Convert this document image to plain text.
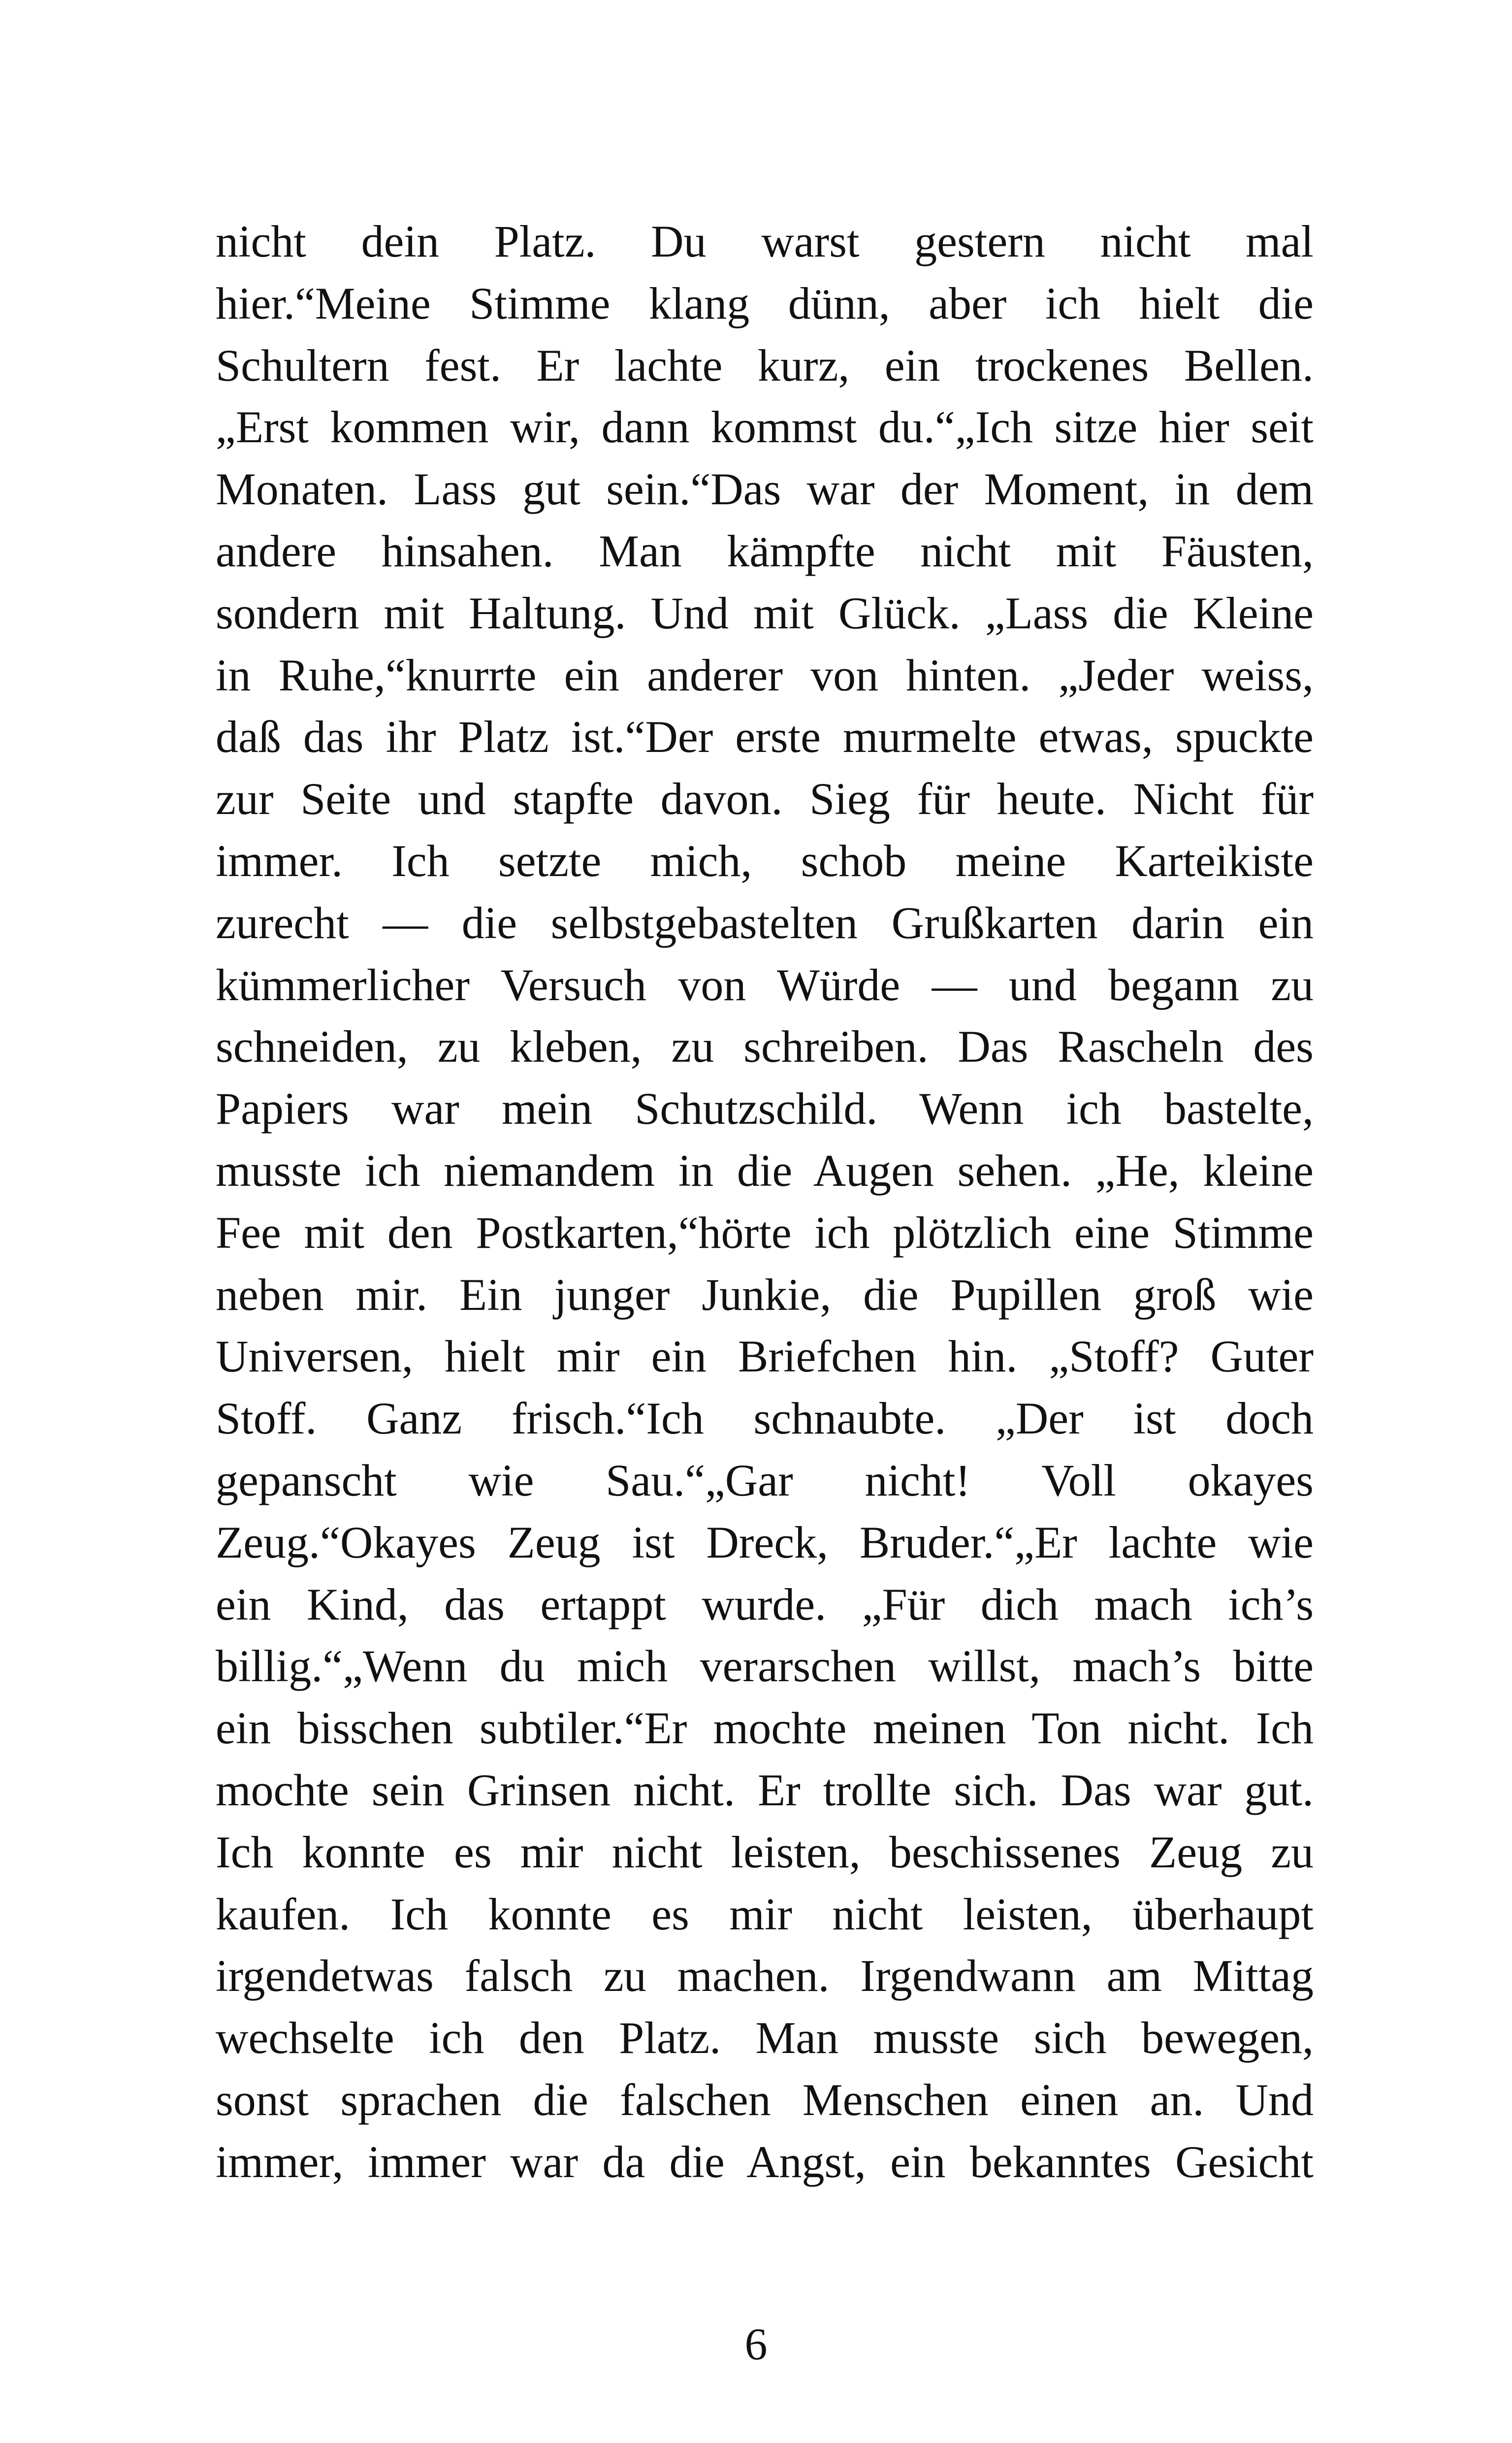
nicht dein Platz. Du warst gestern nicht mal
hier.“Meine Stimme klang dünn, aber ich hielt die
Schultern fest. Er lachte kurz, ein trockenes Bellen.
„Erst kommen wir, dann kommst du.“„Ich sitze hier seit
Monaten. Lass gut sein.“Das war der Moment, in dem
andere hinsahen. Man kämpfte nicht mit Fäusten,
sondern mit Haltung. Und mit Glück. „Lass die Kleine
in Ruhe,“knurrte ein anderer von hinten. „Jeder weiss,
daß das ihr Platz ist.“Der erste murmelte etwas, spuckte
zur Seite und stapfte davon. Sieg für heute. Nicht für
immer. Ich setzte mich, schob meine Karteikiste
zurecht — die selbstgebastelten Grußkarten darin ein
kümmerlicher Versuch von Würde — und begann zu
schneiden, zu kleben, zu schreiben. Das Rascheln des
Papiers war mein Schutzschild. Wenn ich bastelte,
musste ich niemandem in die Augen sehen. „He, kleine
Fee mit den Postkarten,“hörte ich plötzlich eine Stimme
neben mir. Ein junger Junkie, die Pupillen groß wie
Universen, hielt mir ein Briefchen hin. „Stoff? Guter
Stoff. Ganz frisch.“Ich schnaubte. „Der ist doch
gepanscht wie Sau.“„Gar nicht! Voll okayes
Zeug.“Okayes Zeug ist Dreck, Bruder.“„Er lachte wie
ein Kind, das ertappt wurde. „Für dich mach ich’s
billig.“„Wenn du mich verarschen willst, mach’s bitte
ein bisschen subtiler.“Er mochte meinen Ton nicht. Ich
mochte sein Grinsen nicht. Er trollte sich. Das war gut.
Ich konnte es mir nicht leisten, beschissenes Zeug zu
kaufen. Ich konnte es mir nicht leisten, überhaupt
irgendetwas falsch zu machen. Irgendwann am Mittag
wechselte ich den Platz. Man musste sich bewegen,
sonst sprachen die falschen Menschen einen an. Und
immer, immer war da die Angst, ein bekanntes Gesicht
6
